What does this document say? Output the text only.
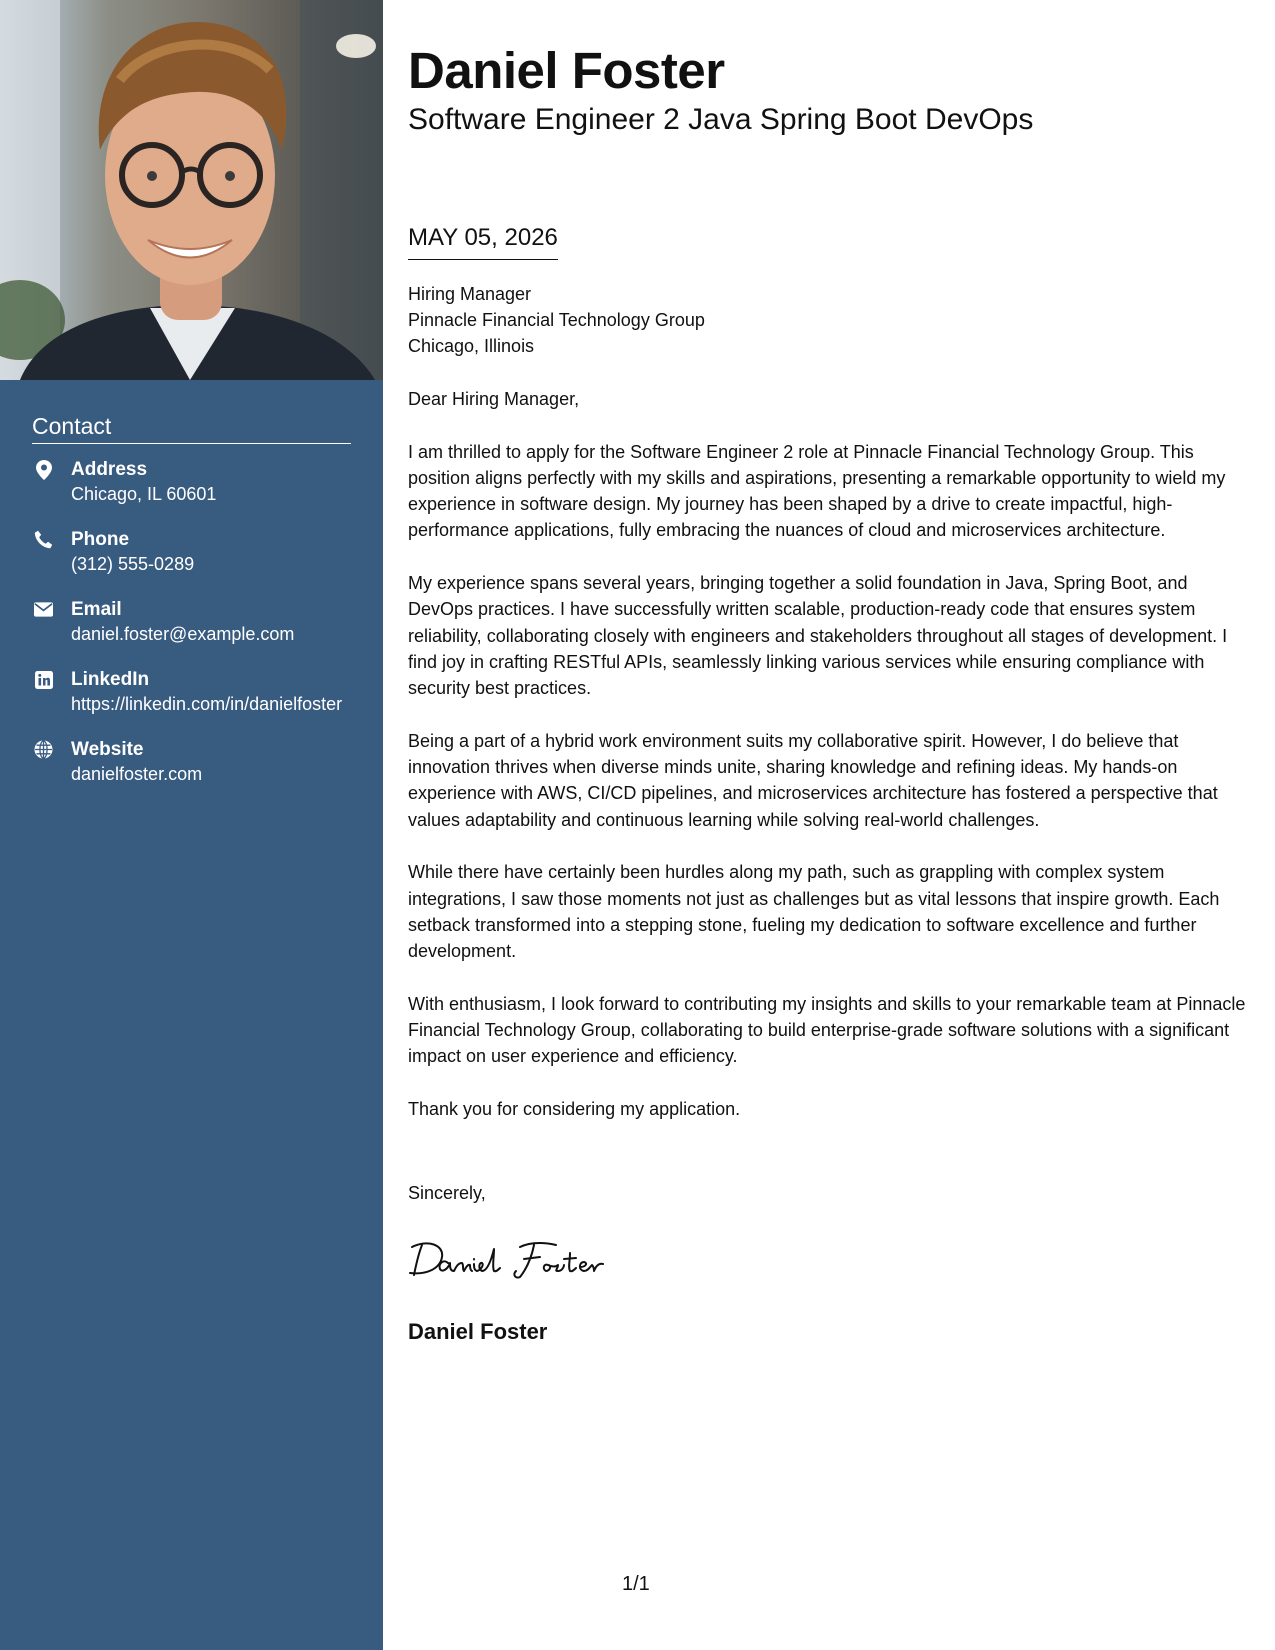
Contact
Address
Chicago, IL 60601
Phone
(312) 555-0289
Email
daniel.foster@example.com
LinkedIn
https://linkedin.com/in/danielfoster
Website
danielfoster.com
Daniel Foster
Software Engineer 2 Java Spring Boot DevOps
MAY 05, 2026
Hiring Manager
Pinnacle Financial Technology Group
Chicago, Illinois

Dear Hiring Manager,

I am thrilled to apply for the Software Engineer 2 role at Pinnacle Financial Technology Group. This position aligns perfectly with my skills and aspirations, presenting a remarkable opportunity to wield my experience in software design. My journey has been shaped by a drive to create impactful, high-performance applications, fully embracing the nuances of cloud and microservices architecture.

My experience spans several years, bringing together a solid foundation in Java, Spring Boot, and DevOps practices. I have successfully written scalable, production-ready code that ensures system reliability, collaborating closely with engineers and stakeholders throughout all stages of development. I find joy in crafting RESTful APIs, seamlessly linking various services while ensuring compliance with security best practices.

Being a part of a hybrid work environment suits my collaborative spirit. However, I do believe that innovation thrives when diverse minds unite, sharing knowledge and refining ideas. My hands-on experience with AWS, CI/CD pipelines, and microservices architecture has fostered a perspective that values adaptability and continuous learning while solving real-world challenges.

While there have certainly been hurdles along my path, such as grappling with complex system integrations, I saw those moments not just as challenges but as vital lessons that inspire growth. Each setback transformed into a stepping stone, fueling my dedication to software excellence and further development.

With enthusiasm, I look forward to contributing my insights and skills to your remarkable team at Pinnacle Financial Technology Group, collaborating to build enterprise-grade software solutions with a significant impact on user experience and efficiency.

Thank you for considering my application.

Sincerely,
Daniel Foster
1/1
